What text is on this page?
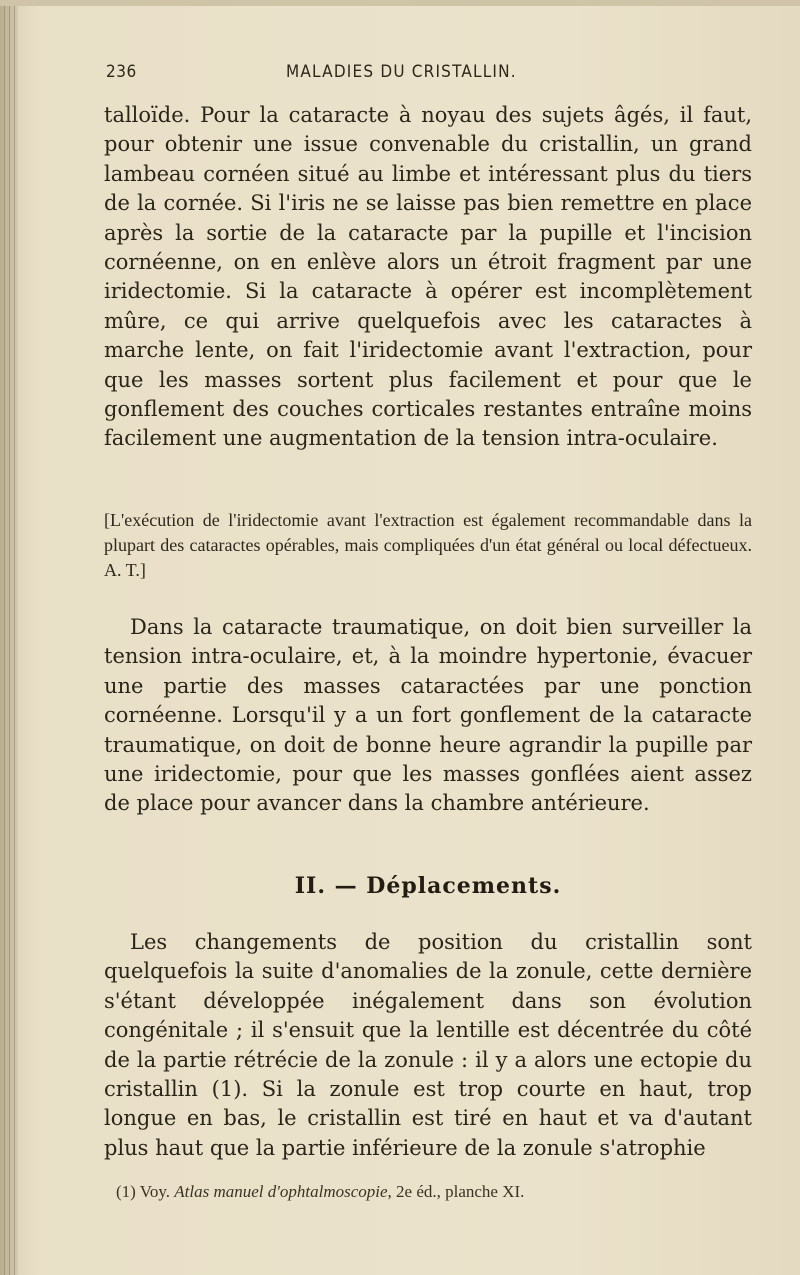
236	MALADIES DU CRISTALLIN.

talloïde. Pour la cataracte à noyau des sujets âgés, il faut, pour obtenir une issue convenable du cristallin, un grand lambeau cornéen situé au limbe et intéressant plus du tiers de la cornée. Si l'iris ne se laisse pas bien remettre en place après la sortie de la cataracte par la pupille et l'incision cornéenne, on en enlève alors un étroit fragment par une iridectomie. Si la cataracte à opérer est incomplètement mûre, ce qui arrive quelquefois avec les cataractes à marche lente, on fait l'iridectomie avant l'extraction, pour que les masses sortent plus facilement et pour que le gonflement des couches corticales restantes entraîne moins facilement une augmentation de la tension intra-oculaire.

[L'exécution de l'iridectomie avant l'extraction est également recommandable dans la plupart des cataractes opérables, mais compliquées d'un état général ou local défectueux. A. T.]

Dans la cataracte traumatique, on doit bien surveiller la tension intra-oculaire, et, à la moindre hypertonie, évacuer une partie des masses cataractées par une ponction cornéenne. Lorsqu'il y a un fort gonflement de la cataracte traumatique, on doit de bonne heure agrandir la pupille par une iridectomie, pour que les masses gonflées aient assez de place pour avancer dans la chambre antérieure.

II. — Déplacements.

Les changements de position du cristallin sont quelquefois la suite d'anomalies de la zonule, cette dernière s'étant développée inégalement dans son évolution congénitale ; il s'ensuit que la lentille est décentrée du côté de la partie rétrécie de la zonule : il y a alors une ectopie du cristallin (1). Si la zonule est trop courte en haut, trop longue en bas, le cristallin est tiré en haut et va d'autant plus haut que la partie inférieure de la zonule s'atrophie

(1) Voy. Atlas manuel d'ophtalmoscopie, 2e éd., planche XI.
